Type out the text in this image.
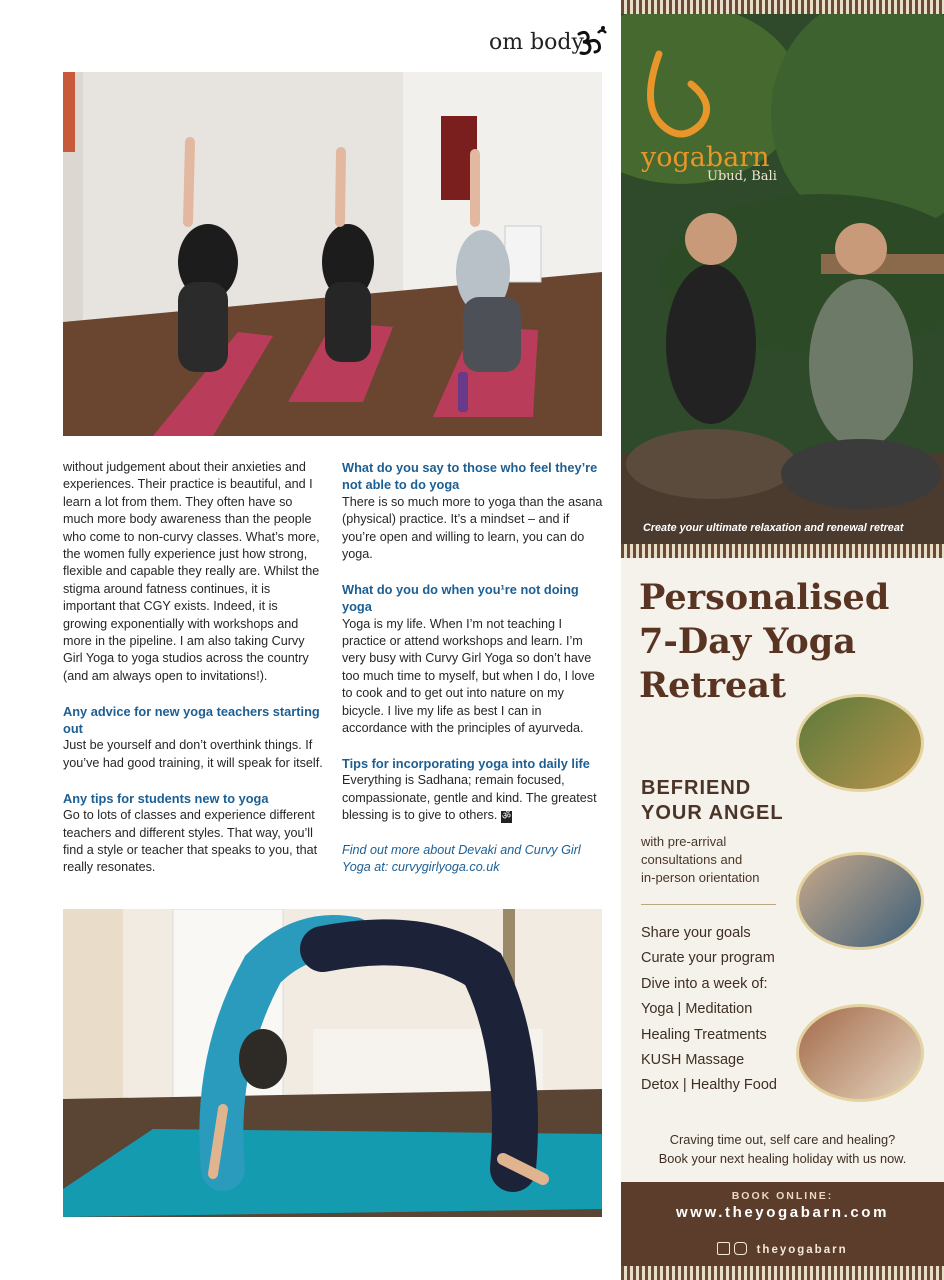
om body

without judgement about their anxieties and experiences. Their practice is beautiful, and I learn a lot from them. They often have so much more body awareness than the people who come to non-curvy classes. What’s more, the women fully experience just how strong, flexible and capable they really are. Whilst the stigma around fatness continues, it is important that CGY exists. Indeed, it is growing exponentially with workshops and more in the pipeline. I am also taking Curvy Girl Yoga to yoga studios across the country (and am always open to invitations!).

Any advice for new yoga teachers starting out

Just be yourself and don’t overthink things. If you’ve had good training, it will speak for itself.

Any tips for students new to yoga

Go to lots of classes and experience different teachers and different styles. That way, you’ll find a style or teacher that speaks to you, that really resonates.

What do you say to those who feel they’re not able to do yoga

There is so much more to yoga than the asana (physical) practice. It’s a mindset – and if you’re open and willing to learn, you can do yoga.

What do you do when you¹re not doing yoga

Yoga is my life. When I’m not teaching I practice or attend workshops and learn. I’m very busy with Curvy Girl Yoga so don’t have too much time to myself, but when I do, I love to cook and to get out into nature on my bicycle. I live my life as best I can in accordance with the principles of ayurveda.

Tips for incorporating yoga into daily life

Everything is Sadhana; remain focused, compassionate, gentle and kind. The greatest blessing is to give to others. ॐ

Find out more about Devaki and Curvy Girl Yoga at: curvygirlyoga.co.uk

yogabarn
Ubud, Bali
Create your ultimate relaxation and renewal retreat
Personalised 7-Day Yoga Retreat
BEFRIEND
YOUR ANGEL
with pre-arrival
consultations and
in-person orientation
Share your goals
Curate your program
Dive into a week of:
Yoga | Meditation
Healing Treatments
KUSH Massage
Detox | Healthy Food
Craving time out, self care and healing?
Book your next healing holiday with us now.
BOOK ONLINE:
www.theyogabarn.com
theyogabarn
